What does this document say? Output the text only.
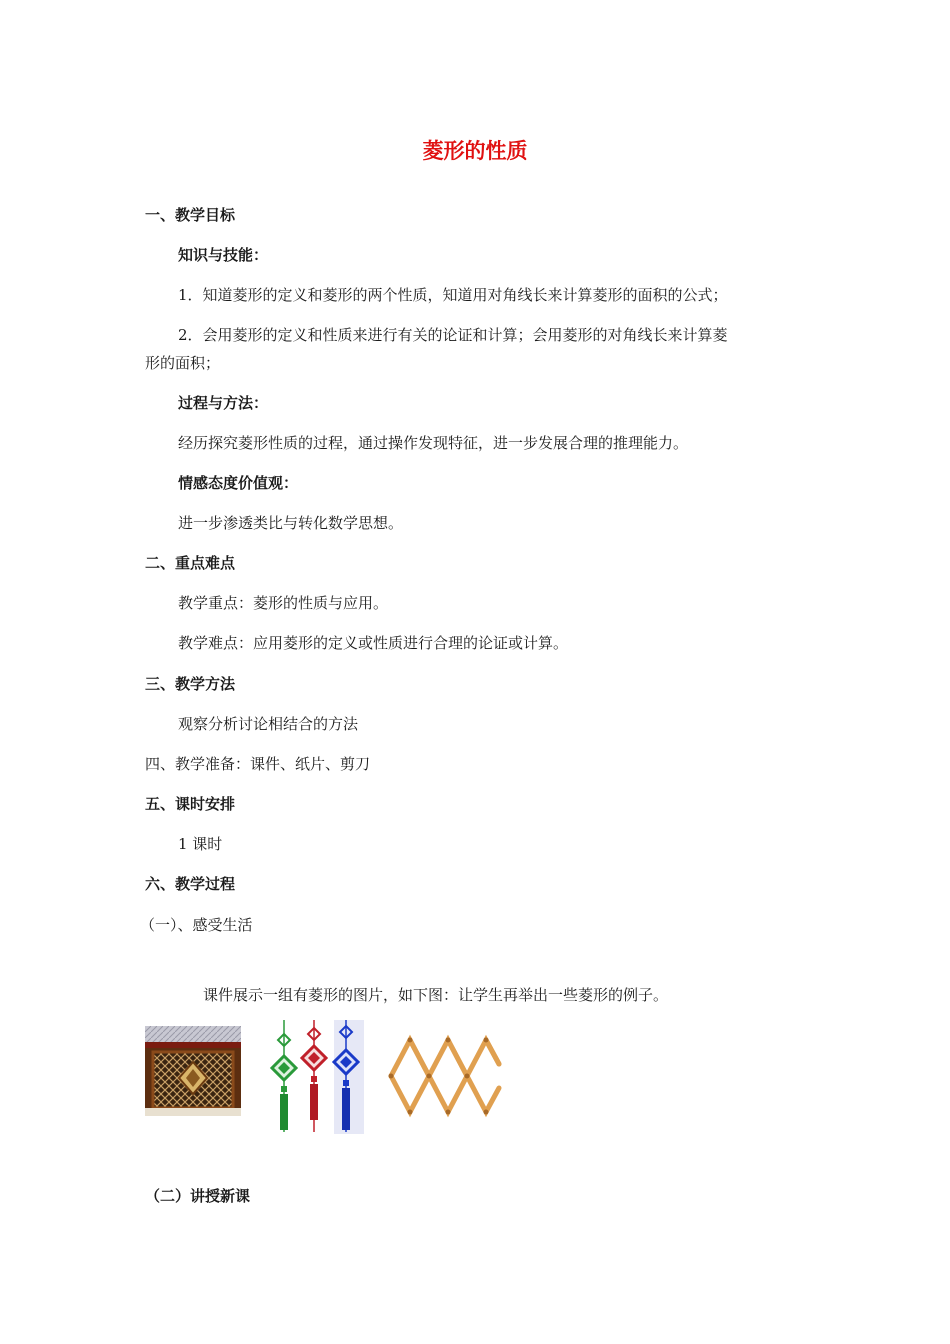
菱形的性质
一、教学目标
知识与技能：
1．知道菱形的定义和菱形的两个性质，知道用对角线长来计算菱形的面积的公式；
2．会用菱形的定义和性质来进行有关的论证和计算；会用菱形的对角线长来计算菱
形的面积；
过程与方法：
经历探究菱形性质的过程，通过操作发现特征，进一步发展合理的推理能力。
情感态度价值观：
进一步渗透类比与转化数学思想。
二、重点难点
教学重点：菱形的性质与应用。
教学难点：应用菱形的定义或性质进行合理的论证或计算。
三、教学方法
观察分析讨论相结合的方法
四、教学准备：课件、纸片、剪刀
五、课时安排
1 课时
六、教学过程
（一）、感受生活
课件展示一组有菱形的图片，如下图：让学生再举出一些菱形的例子。
（二）讲授新课
